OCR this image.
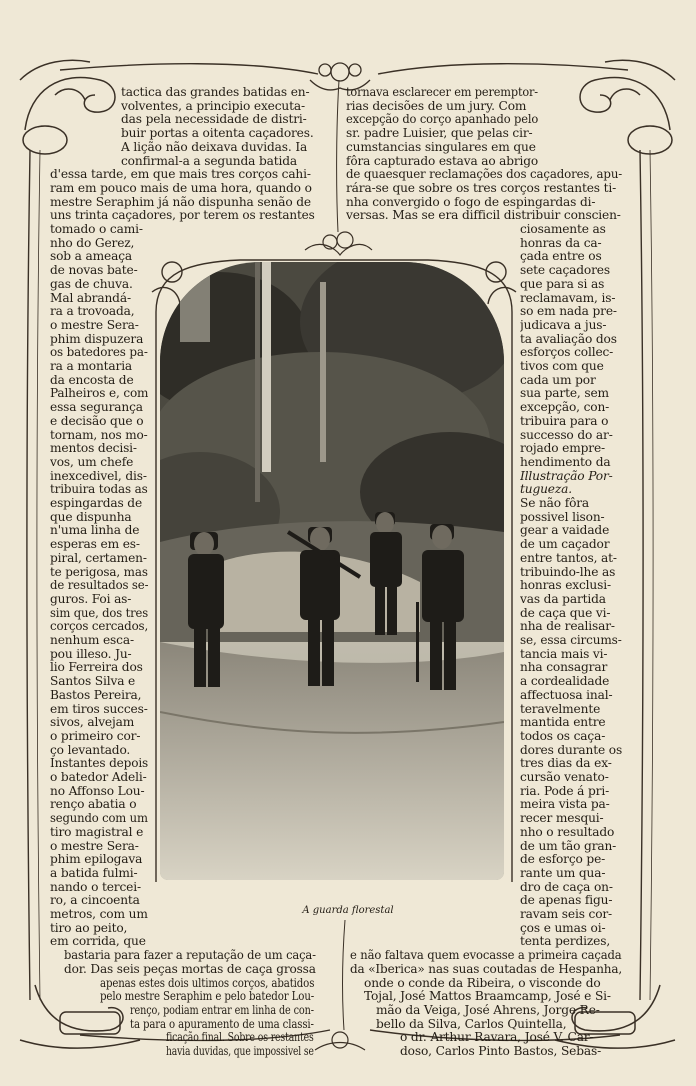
A guarda florestal
tactica das grandes batidas en-
volventes, a principio executa-
das pela necessidade de distri-
buir portas a oitenta caçadores.
A lição não deixava duvidas. Ia
confirmal-a a segunda batida
d'essa tarde, em que mais tres corços cahi-
ram em pouco mais de uma hora, quando o
mestre Seraphim já não dispunha senão de
uns trinta caçadores, por terem os restantes
tomado o cami-
nho do Gerez,
sob a ameaça
de novas bate-
gas de chuva.
Mal abrandá-
ra a trovoada,
o mestre Sera-
phim dispuzera
os batedores pa-
ra a montaria
da encosta de
Palheiros e, com
essa segurança
e decisão que o
tornam, nos mo-
mentos decisi-
vos, um chefe
inexcedivel, dis-
tribuira todas as
espingardas de
que dispunha
n'uma linha de
esperas em es-
piral, certamen-
te perigosa, mas
de resultados se-
guros. Foi as-
sim que, dos tres
corços cercados,
nenhum esca-
pou illeso. Ju-
lio Ferreira dos
Santos Silva e
Bastos Pereira,
em tiros succes-
sivos, alvejam
o primeiro cor-
ço levantado.
Instantes depois
o batedor Adeli-
no Affonso Lou-
renço abatia o
segundo com um
tiro magistral e
o mestre Sera-
phim epilogava
a batida fulmi-
nando o tercei-
ro, a cincoenta
metros, com um
tiro ao peito,
em corrida, que
bastaria para fazer a reputação de um caça-
dor. Das seis peças mortas de caça grossa
apenas estes dois ultimos corços, abatidos
pelo mestre Seraphim e pelo batedor Lou-
renço, podiam entrar em linha de con-
ta para o apuramento de uma classi-
ficação final. Sobre os restantes
havia duvidas, que impossivel se
tornava esclarecer em peremptor-
rias decisões de um jury. Com
excepção do corço apanhado pelo
sr. padre Luisier, que pelas cir-
cumstancias singulares em que
fôra capturado estava ao abrigo
de quaesquer reclamações dos caçadores, apu-
rára-se que sobre os tres corços restantes ti-
nha convergido o fogo de espingardas di-
versas. Mas se era difficil distribuir conscien-
ciosamente as
honras da ca-
çada entre os
sete caçadores
que para si as
reclamavam, is-
so em nada pre-
judicava a jus-
ta avaliação dos
esforços collec-
tivos com que
cada um por
sua parte, sem
excepção, con-
tribuira para o
successo do ar-
rojado empre-
hendimento da
Illustração Por-
tugueza.
Se não fôra
possivel lison-
gear a vaidade
de um caçador
entre tantos, at-
tribuindo-lhe as
honras exclusi-
vas da partida
de caça que vi-
nha de realisar-
se, essa circums-
tancia mais vi-
nha consagrar
a cordealidade
affectuosa inal-
teravelmente
mantida entre
todos os caça-
dores durante os
tres dias da ex-
cursão venato-
ria. Pode á pri-
meira vista pa-
recer mesqui-
nho o resultado
de um tão gran-
de esforço pe-
rante um qua-
dro de caça on-
de apenas figu-
ravam seis cor-
ços e umas oi-
tenta perdizes,
e não faltava quem evocasse a primeira caçada
da «Iberica» nas suas coutadas de Hespanha,
onde o conde da Ribeira, o visconde do
Tojal, José Mattos Braamcamp, José e Si-
mão da Veiga, José Ahrens, Jorge Re-
bello da Silva, Carlos Quintella,
o dr. Arthur Ravara, José V. Car-
doso, Carlos Pinto Bastos, Sebas-
